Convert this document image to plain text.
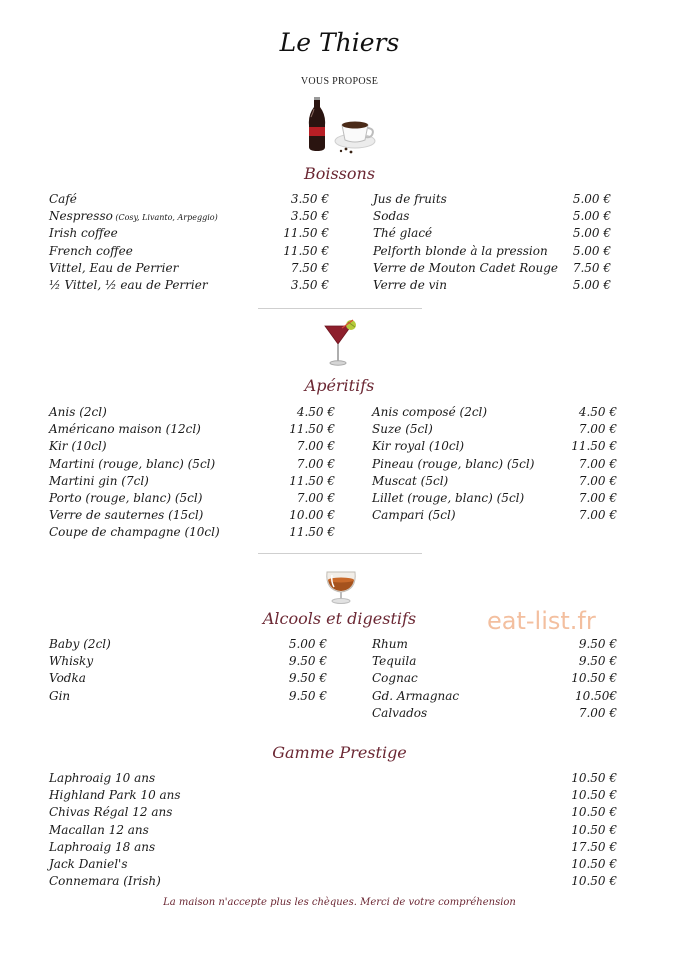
Le Thiers
VOUS PROPOSE
Boissons
Café	3.50 €
Nespresso (Cosy, Livanto, Arpeggio)	3.50 €
Irish coffee	11.50 €
French coffee	11.50 €
Vittel, Eau de Perrier	7.50 €
½ Vittel, ½ eau de Perrier	3.50 €
Jus de fruits	5.00 €
Sodas	5.00 €
Thé glacé	5.00 €
Pelforth blonde à la pression 5.00 €
Verre de Mouton Cadet Rouge 7.50 €
Verre de vin	5.00 €
Apéritifs
Anis (2cl)	4.50 €
Américano maison (12cl)	11.50 €
Kir (10cl)	7.00 €
Martini (rouge, blanc) (5cl)	7.00 €
Martini gin (7cl)	11.50 €
Porto (rouge, blanc) (5cl)	7.00 €
Verre de sauternes (15cl)	10.00 €
Coupe de champagne (10cl)	11.50 €
Anis composé (2cl)	4.50 €
Suze (5cl)	7.00 €
Kir royal (10cl)	11.50 €
Pineau (rouge, blanc) (5cl)	7.00 €
Muscat (5cl)	7.00 €
Lillet (rouge, blanc) (5cl)	7.00 €
Campari (5cl)	7.00 €
Alcools et digestifs
Baby (2cl)	5.00 €
Whisky	9.50 €
Vodka	9.50 €
Gin	9.50 €
Rhum	9.50 €
Tequila	9.50 €
Cognac	10.50 €
Gd. Armagnac	10.50€
Calvados	7.00 €
eat-list.fr
Gamme Prestige
Laphroaig 10 ans	10.50 €
Highland Park 10 ans	10.50 €
Chivas Régal 12 ans	10.50 €
Macallan 12 ans	10.50 €
Laphroaig 18 ans	17.50 €
Jack Daniel's	10.50 €
Connemara (Irish)	10.50 €
La maison n'accepte plus les chèques. Merci de votre compréhension
